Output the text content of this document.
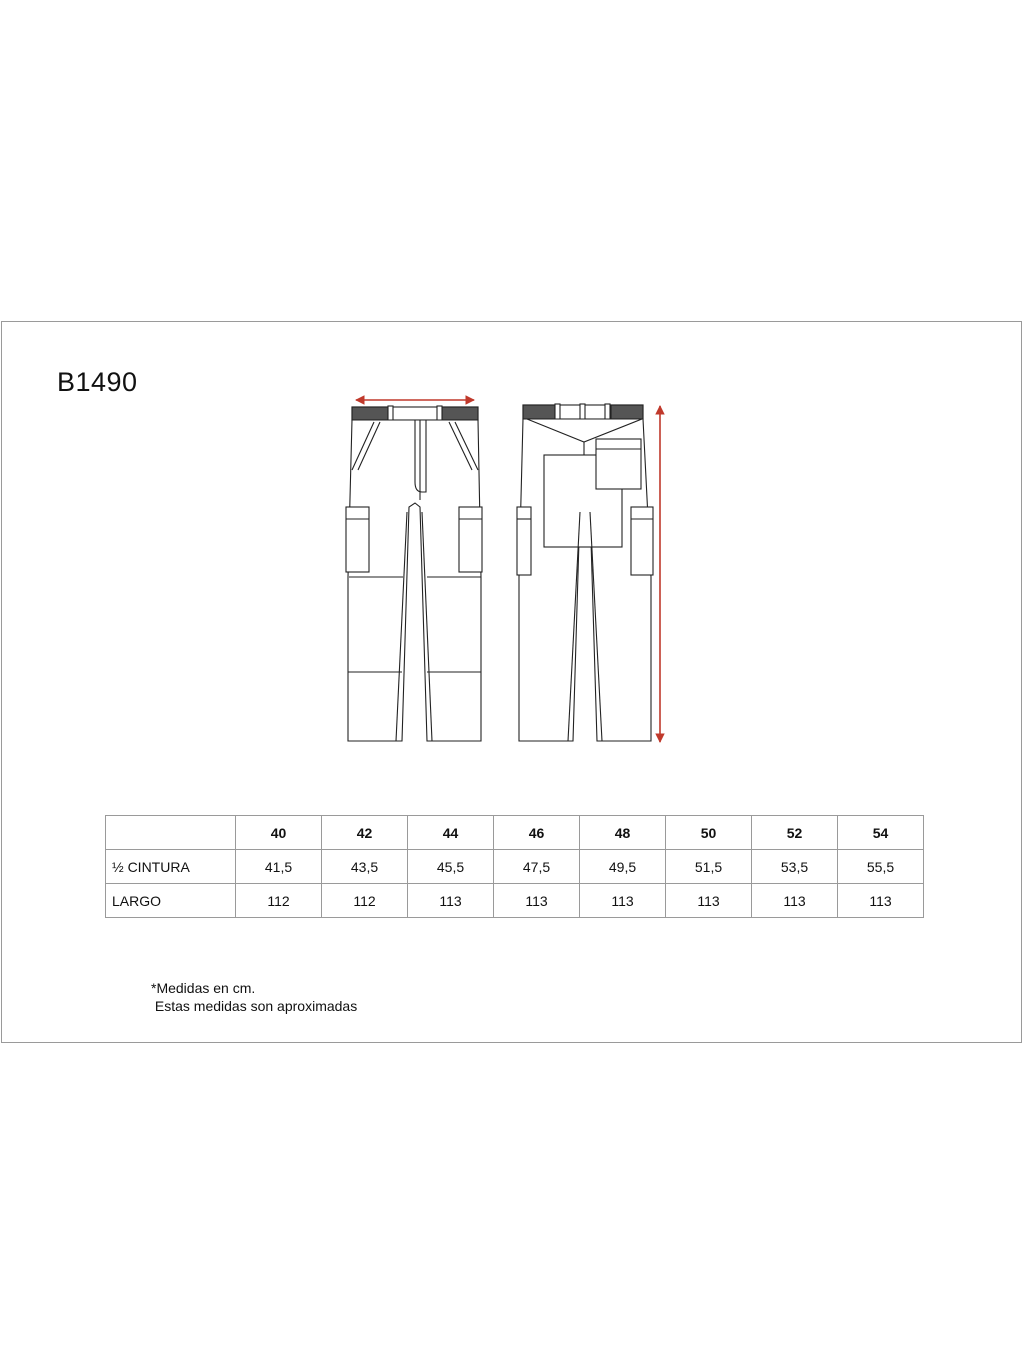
B1490
	40	42	44	46	48	50	52	54
½ CINTURA	41,5	43,5	45,5	47,5	49,5	51,5	53,5	55,5
LARGO	112	112	113	113	113	113	113	113
*Medidas en cm.
Estas medidas son aproximadas
